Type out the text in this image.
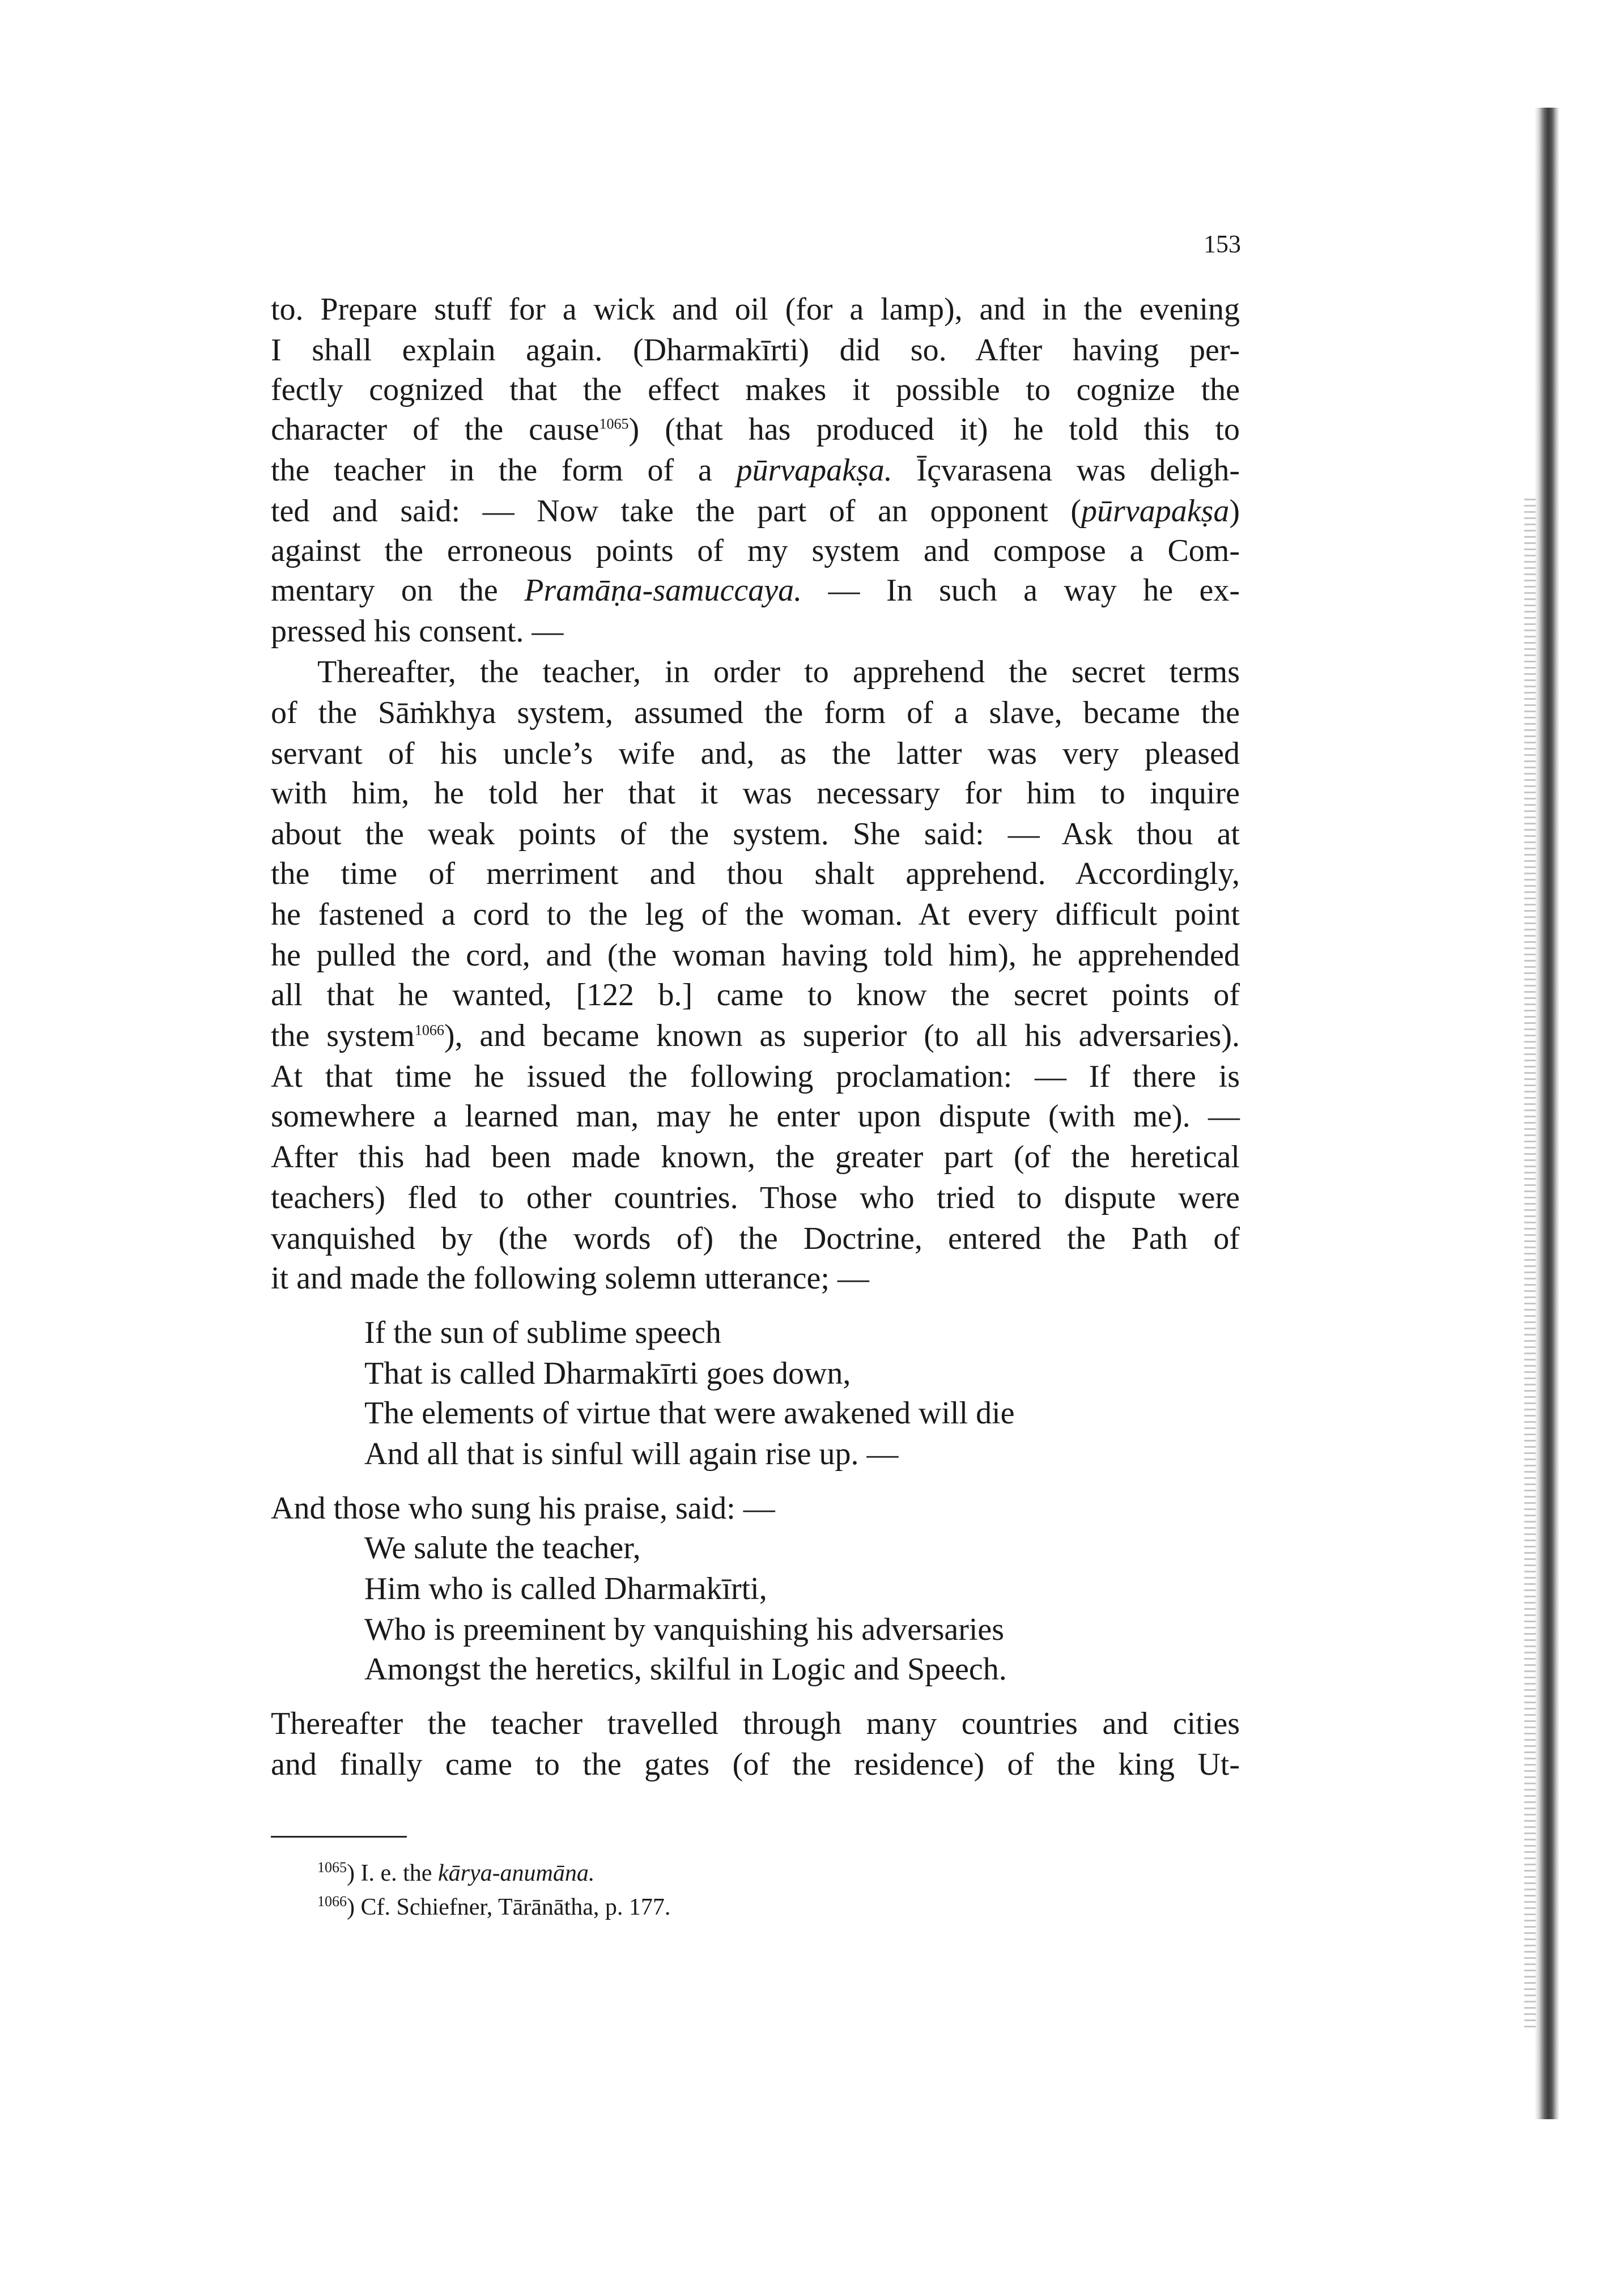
153
to. Prepare stuff for a wick and oil (for a lamp), and in the evening
I shall explain again. (Dharmakīrti) did so. After having per-
fectly cognized that the effect makes it possible to cognize the
character of the cause$^{1065}$) (that has produced it) he told this to
the teacher in the form of a pūrvapakṣa. Īçvarasena was deligh-
ted and said: — Now take the part of an opponent (pūrvapakṣa)
against the erroneous points of my system and compose a Com-
mentary on the Pramāṇa-samuccaya. — In such a way he ex-
pressed his consent. —
Thereafter, the teacher, in order to apprehend the secret terms
of the Sāṁkhya system, assumed the form of a slave, became the
servant of his uncle’s wife and, as the latter was very pleased
with him, he told her that it was necessary for him to inquire
about the weak points of the system. She said: — Ask thou at
the time of merriment and thou shalt apprehend. Accordingly,
he fastened a cord to the leg of the woman. At every difficult point
he pulled the cord, and (the woman having told him), he apprehended
all that he wanted, [122 b.] came to know the secret points of
the system$^{1066}$), and became known as superior (to all his adversaries).
At that time he issued the following proclamation: — If there is
somewhere a learned man, may he enter upon dispute (with me). —
After this had been made known, the greater part (of the heretical
teachers) fled to other countries. Those who tried to dispute were
vanquished by (the words of) the Doctrine, entered the Path of
it and made the following solemn utterance; —
If the sun of sublime speech
That is called Dharmakīrti goes down,
The elements of virtue that were awakened will die
And all that is sinful will again rise up. —
And those who sung his praise, said: —
We salute the teacher,
Him who is called Dharmakīrti,
Who is preeminent by vanquishing his adversaries
Amongst the heretics, skilful in Logic and Speech.
Thereafter the teacher travelled through many countries and cities
and finally came to the gates (of the residence) of the king Ut-
$^{1065}$) I. e. the kārya-anumāna.
$^{1066}$) Cf. Schiefner, Tārānātha, p. 177.
